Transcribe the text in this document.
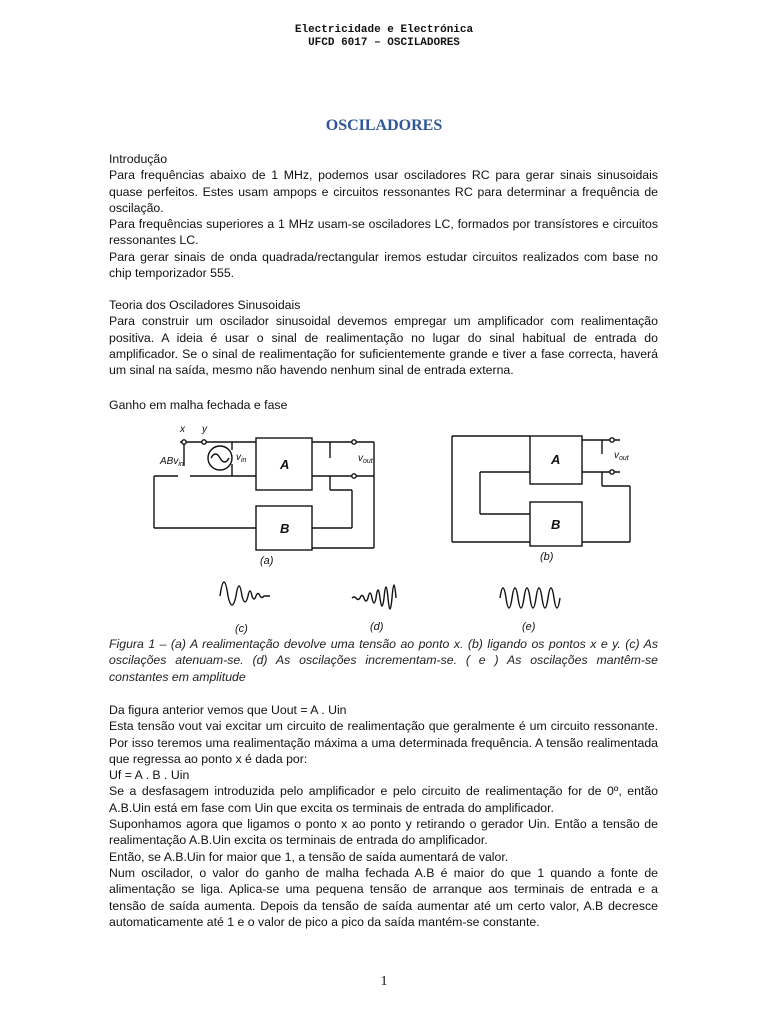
Electricidade e Electrónica
UFCD 6017 – OSCILADORES
OSCILADORES
Introdução
Para frequências abaixo de 1 MHz, podemos usar osciladores RC para gerar sinais sinusoidais quase perfeitos. Estes usam ampops e circuitos ressonantes RC para determinar a frequência de oscilação.
Para frequências superiores a 1 MHz usam-se osciladores LC, formados por transístores e circuitos ressonantes LC.
Para gerar sinais de onda quadrada/rectangular iremos estudar circuitos realizados com base no chip temporizador 555.
Teoria dos Osciladores Sinusoidais
Para construir um oscilador sinusoidal devemos empregar um amplificador com realimentação positiva. A ideia é usar o sinal de realimentação no lugar do sinal habitual de entrada do amplificador. Se o sinal de realimentação for suficientemente grande e tiver a fase correcta, haverá um sinal na saída, mesmo não havendo nenhum sinal de entrada externa.
Ganho em malha fechada e fase
x y
ABv$_{in}$
$v_{in}$	A
B
$v_{out}$
(a)
A
B
$v_{out}$
(b)
(c)	(d)	(e)
Figura 1 – (a) A realimentação devolve uma tensão ao ponto x. (b) ligando os pontos x e y. (c) As oscilações atenuam-se. (d) As oscilações incrementam-se. ( e ) As oscilações mantêm-se constantes em amplitude
Da figura anterior vemos que Uout = A . Uin
Esta tensão vout vai excitar um circuito de realimentação que geralmente é um circuito ressonante. Por isso teremos uma realimentação máxima a uma determinada frequência. A tensão realimentada que regressa ao ponto x é dada por:
Uf = A . B . Uin
Se a desfasagem introduzida pelo amplificador e pelo circuito de realimentação for de 0º, então A.B.Uin está em fase com Uin que excita os terminais de entrada do amplificador.
Suponhamos agora que ligamos o ponto x ao ponto y retirando o gerador Uin. Então a tensão de realimentação A.B.Uin excita os terminais de entrada do amplificador.
Então, se A.B.Uin for maior que 1, a tensão de saída aumentará de valor.
Num oscilador, o valor do ganho de malha fechada A.B é maior do que 1 quando a fonte de alimentação se liga. Aplica-se uma pequena tensão de arranque aos terminais de entrada e a tensão de saída aumenta. Depois da tensão de saída aumentar até um certo valor, A.B decresce automaticamente até 1 e o valor de pico a pico da saída mantém-se constante.
1
